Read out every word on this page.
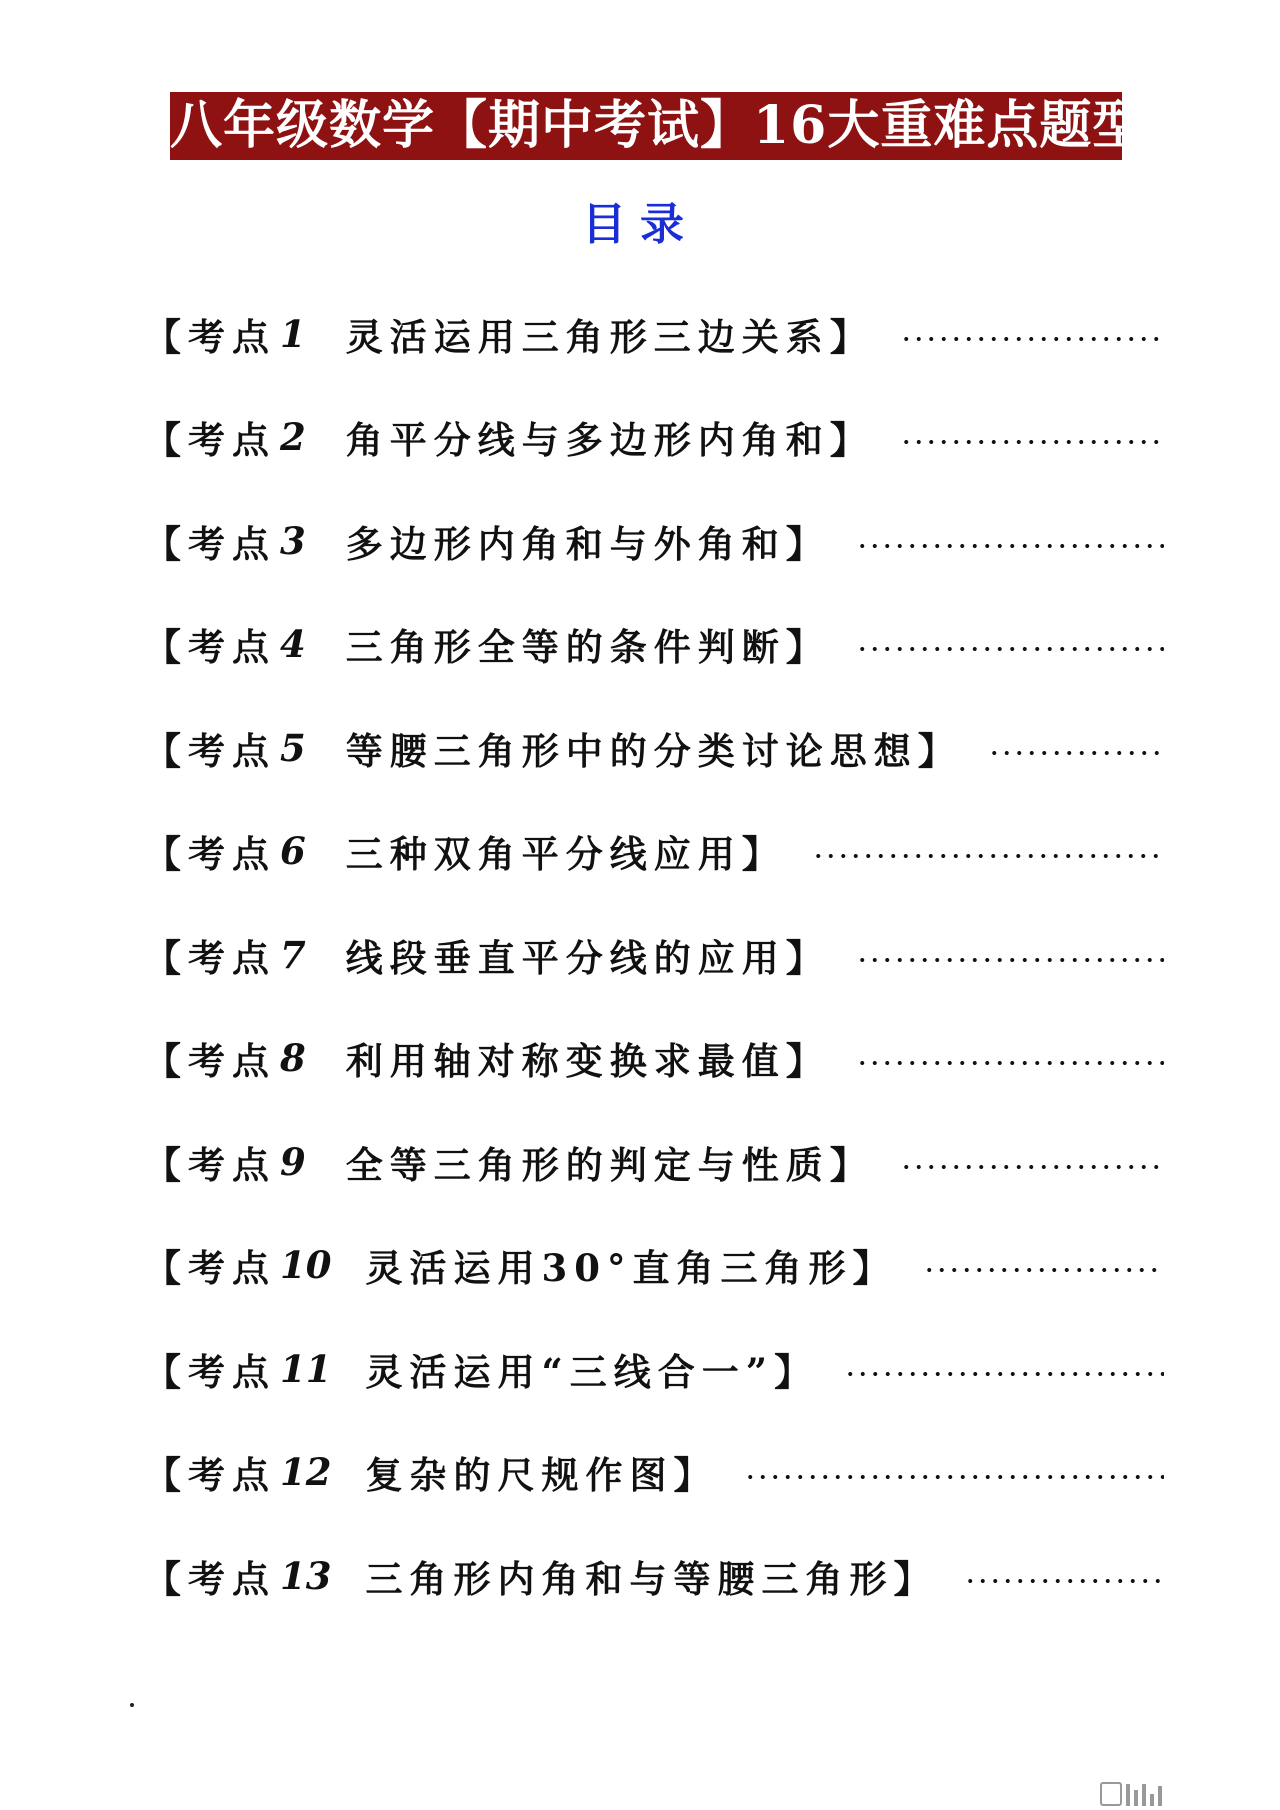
八年级数学【期中考试】16大重难点题型
目录
【考点 1 灵活运用三角形三边关系】
【考点 2 角平分线与多边形内角和】
【考点 3 多边形内角和与外角和】
【考点 4 三角形全等的条件判断】
【考点 5 等腰三角形中的分类讨论思想】
【考点 6 三种双角平分线应用】
【考点 7 线段垂直平分线的应用】
【考点 8 利用轴对称变换求最值】
【考点 9 全等三角形的判定与性质】
【考点 10 灵活运用30°直角三角形】
【考点 11 灵活运用“三线合一”】
【考点 12 复杂的尺规作图】
【考点 13 三角形内角和与等腰三角形】
